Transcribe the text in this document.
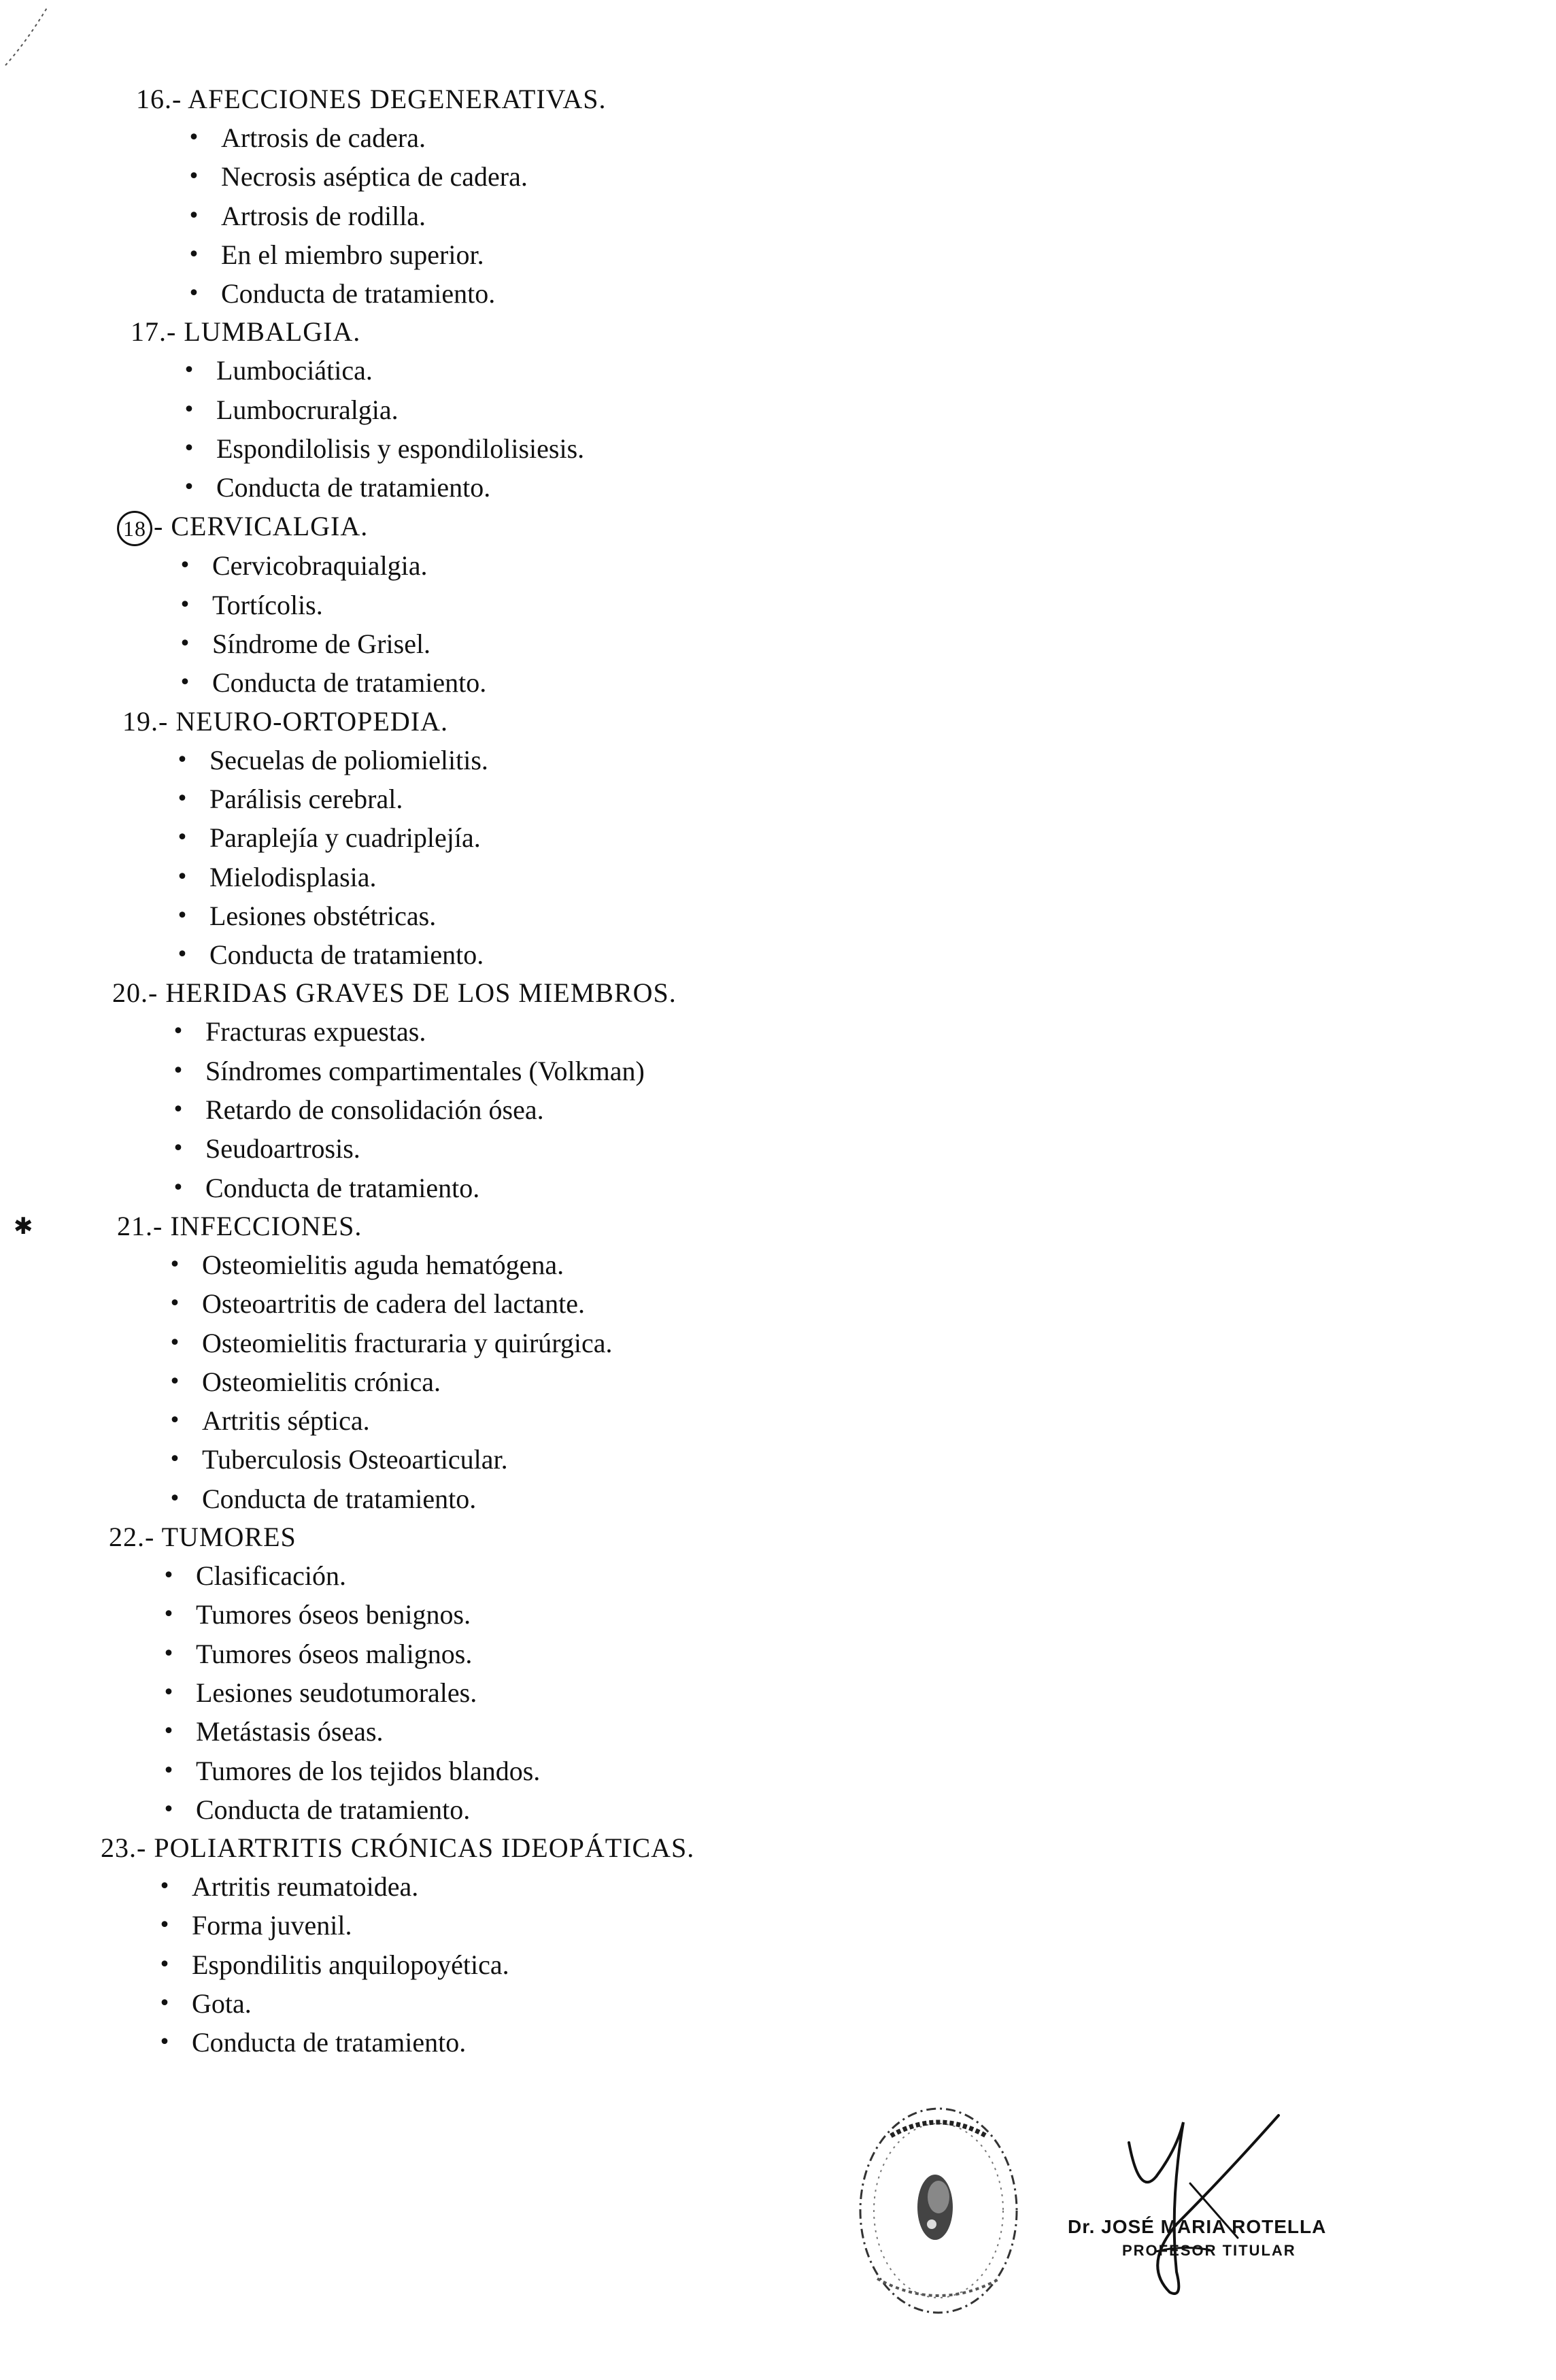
16.- AFECCIONES DEGENERATIVAS.
• Artrosis de cadera.
• Necrosis aséptica de cadera.
• Artrosis de rodilla.
• En el miembro superior.
• Conducta de tratamiento.
17.- LUMBALGIA.
• Lumbociática.
• Lumbocruralgia.
• Espondilolisis y espondilolisiesis.
• Conducta de tratamiento.
18 - CERVICALGIA.
• Cervicobraquialgia.
• Tortícolis.
• Síndrome de Grisel.
• Conducta de tratamiento.
19.- NEURO-ORTOPEDIA.
• Secuelas de poliomielitis.
• Parálisis cerebral.
• Paraplejía y cuadriplejía.
• Mielodisplasia.
• Lesiones obstétricas.
• Conducta de tratamiento.
20.- HERIDAS GRAVES DE LOS MIEMBROS.
• Fracturas expuestas.
• Síndromes compartimentales (Volkman)
• Retardo de consolidación ósea.
• Seudoartrosis.
• Conducta de tratamiento.
✱	21.- INFECCIONES.
• Osteomielitis aguda hematógena.
• Osteoartritis de cadera del lactante.
• Osteomielitis fracturaria y quirúrgica.
• Osteomielitis crónica.
• Artritis séptica.
• Tuberculosis Osteoarticular.
• Conducta de tratamiento.
22.- TUMORES
• Clasificación.
• Tumores óseos benignos.
• Tumores óseos malignos.
• Lesiones seudotumorales.
• Metástasis óseas.
• Tumores de los tejidos blandos.
• Conducta de tratamiento.
23.- POLIARTRITIS CRÓNICAS IDEOPÁTICAS.
• Artritis reumatoidea.
• Forma juvenil.
• Espondilitis anquilopoyética.
• Gota.
• Conducta de tratamiento.
Dr. JOSÉ MARIA ROTELLA
PROFESOR TITULAR
